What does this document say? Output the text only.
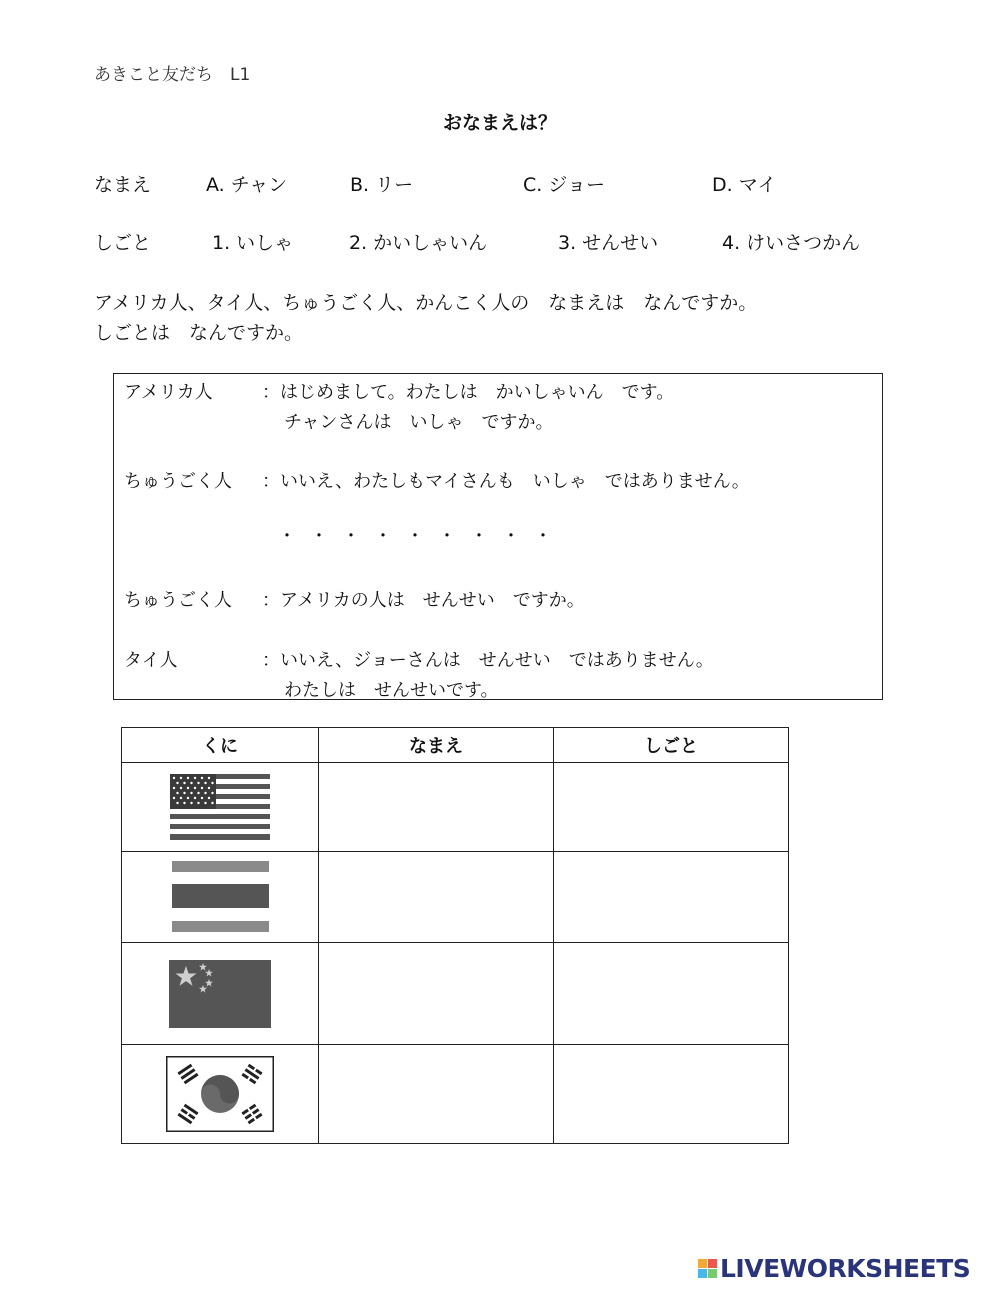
あきこと友だち　L1
おなまえは？
なまえ	A. チャン	B. リー	C. ジョー	D. マイ
しごと	1. いしゃ	2. かいしゃいん	3. せんせい	4. けいさつかん
アメリカ人、タイ人、ちゅうごく人、かんこく人の　なまえは　なんですか。
しごとは　なんですか。
アメリカ人	：はじめまして。わたしは　かいしゃいん　です。
チャンさんは　いしゃ　ですか。
ちゅうごく人 ：いいえ、わたしもマイさんも　いしゃ　ではありません。
・・・・・・・・・
ちゅうごく人 ：アメリカの人は　せんせい　ですか。
タイ人	：いいえ、ジョーさんは　せんせい　ではありません。
わたしは　せんせいです。
くに	なまえ	しごと

LIVEWORKSHEETS
